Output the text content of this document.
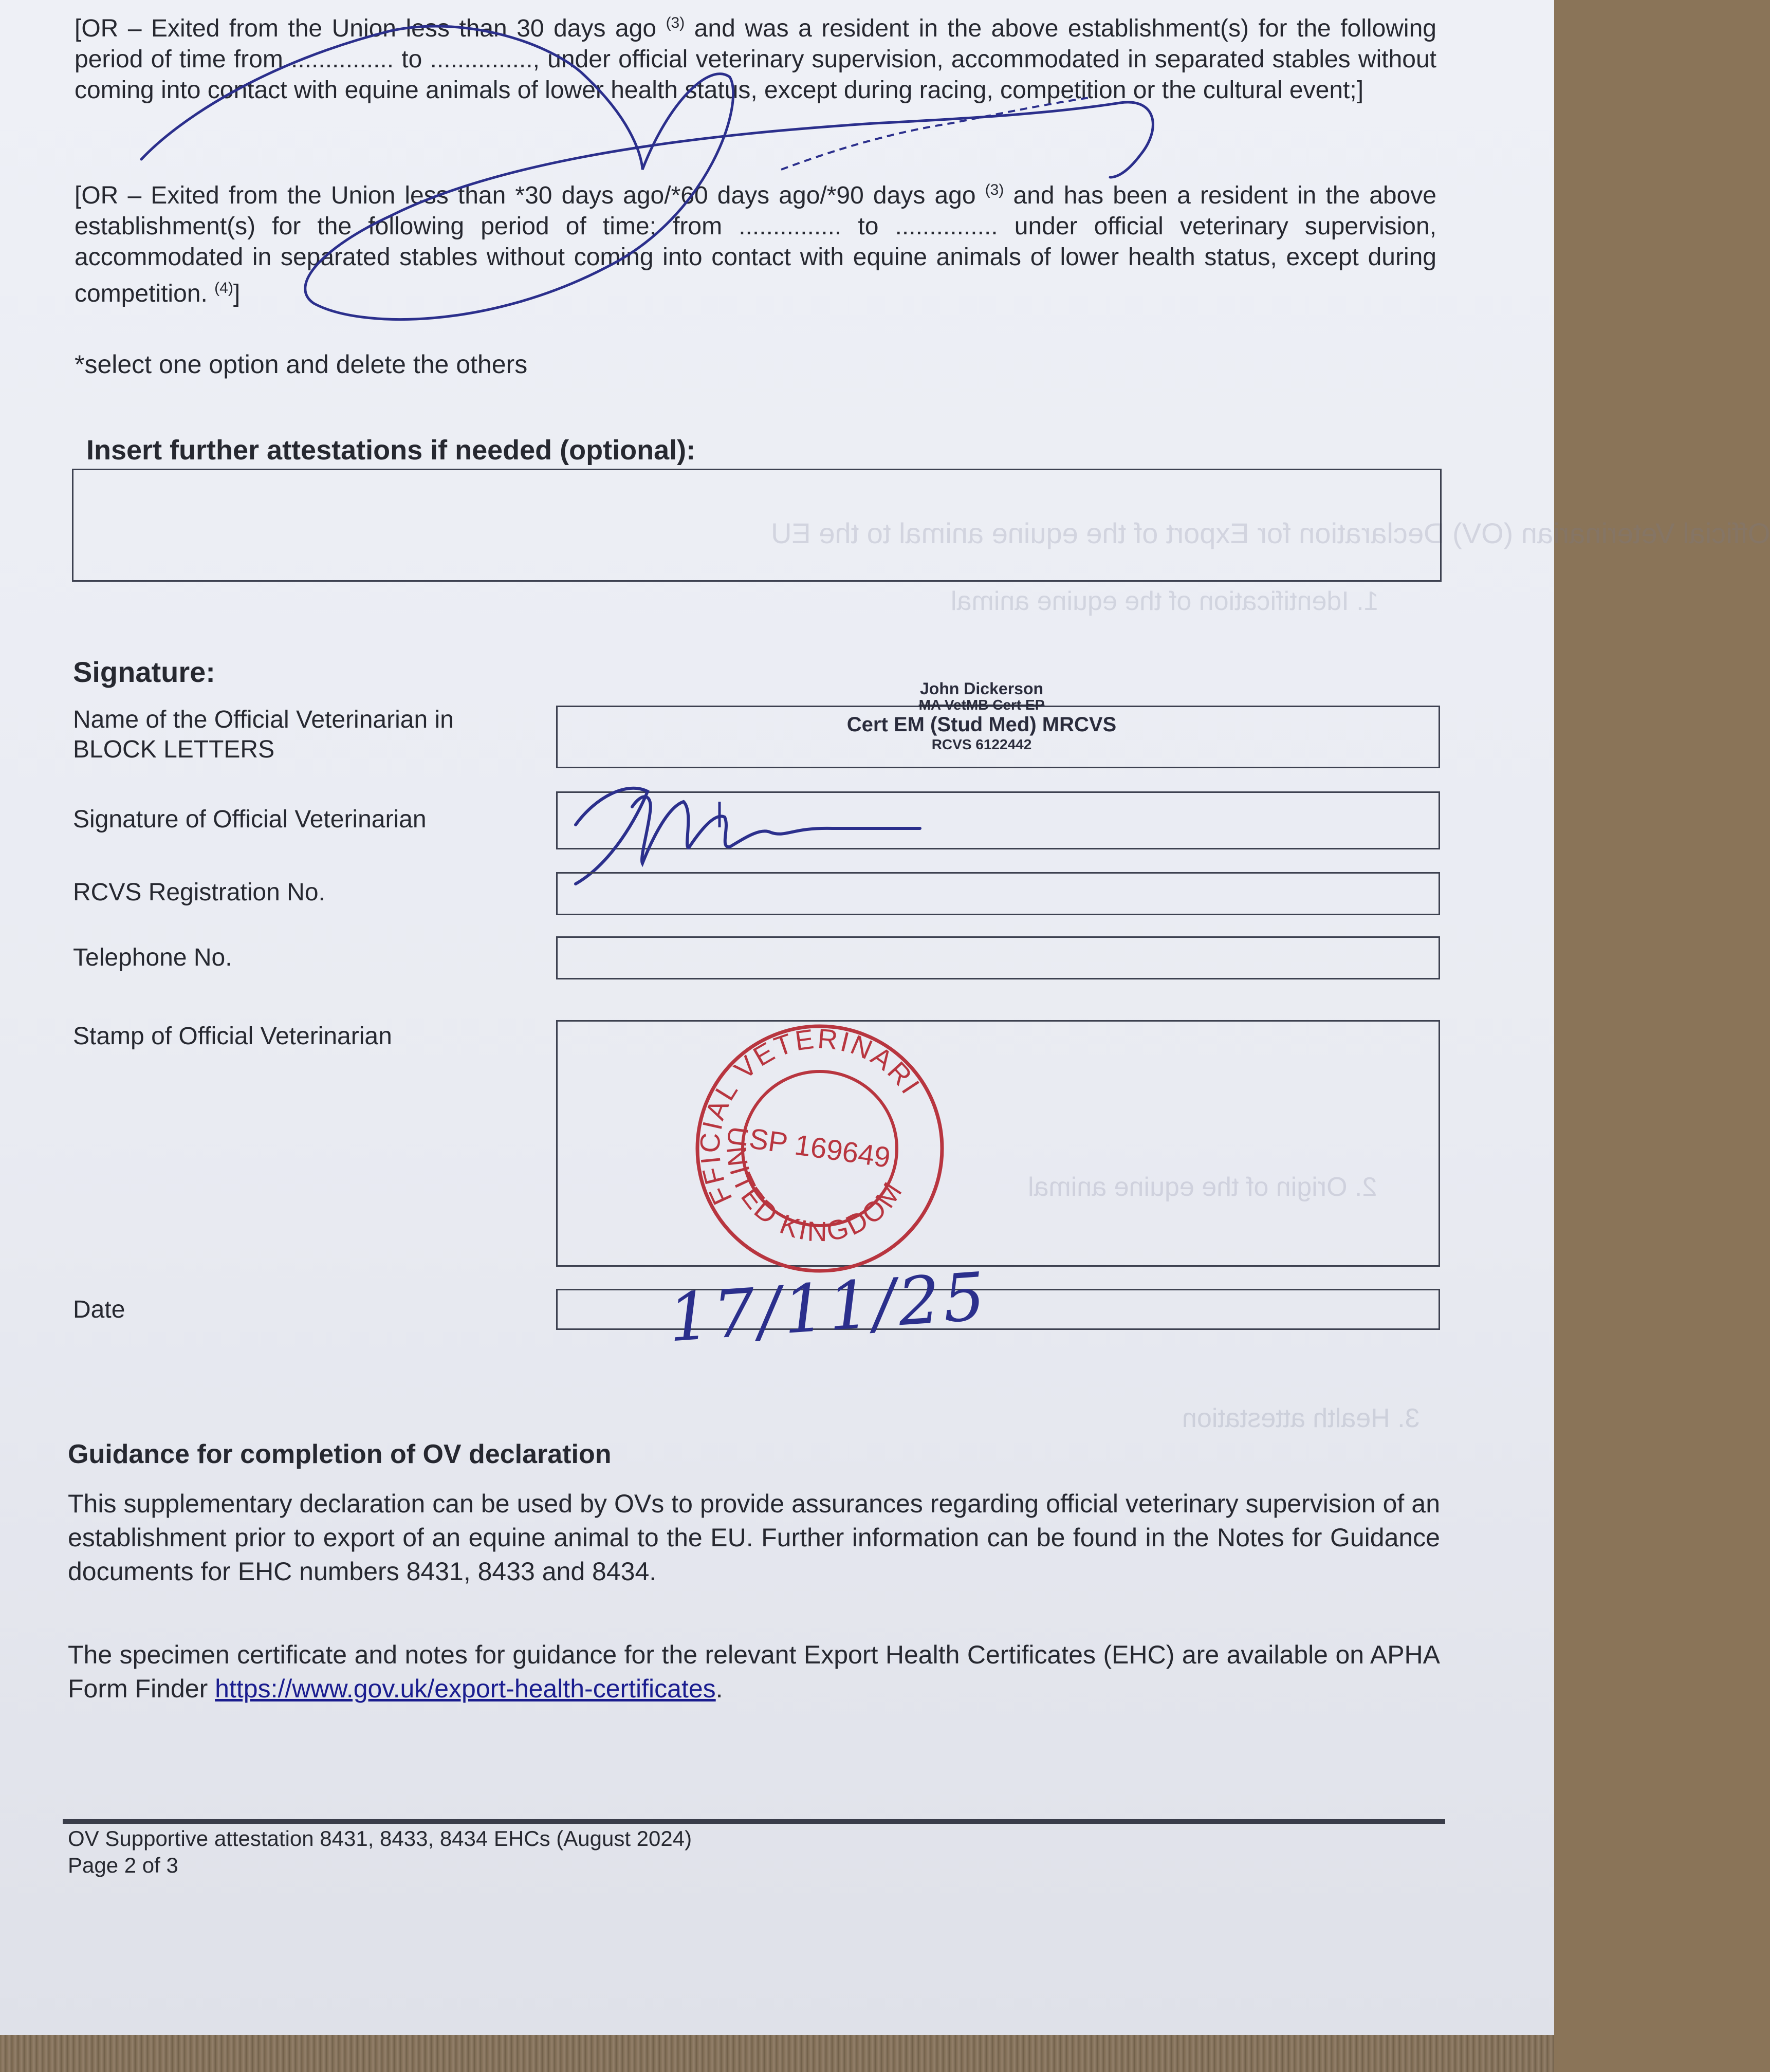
Official Veterinarian (OV) Declaration for Export of the equine animal to the EU
1. Identification of the equine animal
2. Origin of the equine animal
3. Health attestation

[OR – Exited from the Union less than 30 days ago $^{(3)}$ and was a resident in the above establishment(s) for the following period of time from ............... to ..............., under official veterinary supervision, accommodated in separated stables without coming into contact with equine animals of lower health status, except during racing, competition or the cultural event;]

[OR – Exited from the Union less than *30 days ago/*60 days ago/*90 days ago $^{(3)}$ and has been a resident in the above establishment(s) for the following period of time; from ............... to ............... under official veterinary supervision, accommodated in separated stables without coming into contact with equine animals of lower health status, except during competition. $^{(4)}$]

*select one option and delete the others

Insert further attestations if needed (optional):

Signature:

Name of the Official Veterinarian in BLOCK LETTERS
John Dickerson
MA VetMB Cert EP
Cert EM (Stud Med) MRCVS
RCVS 6122442
Signature of Official Veterinarian
RCVS Registration No.
Telephone No.
Stamp of Official Veterinarian
OFFICIAL VETERINARIAN
UNITED KINGDOM
SP 169649
Date	17/11/25

Guidance for completion of OV declaration

This supplementary declaration can be used by OVs to provide assurances regarding official veterinary supervision of an establishment prior to export of an equine animal to the EU. Further information can be found in the Notes for Guidance documents for EHC numbers 8431, 8433 and 8434.

The specimen certificate and notes for guidance for the relevant Export Health Certificates (EHC) are available on APHA Form Finder https://www.gov.uk/export-health-certificates.

OV Supportive attestation 8431, 8433, 8434 EHCs (August 2024)

Page 2 of 3
